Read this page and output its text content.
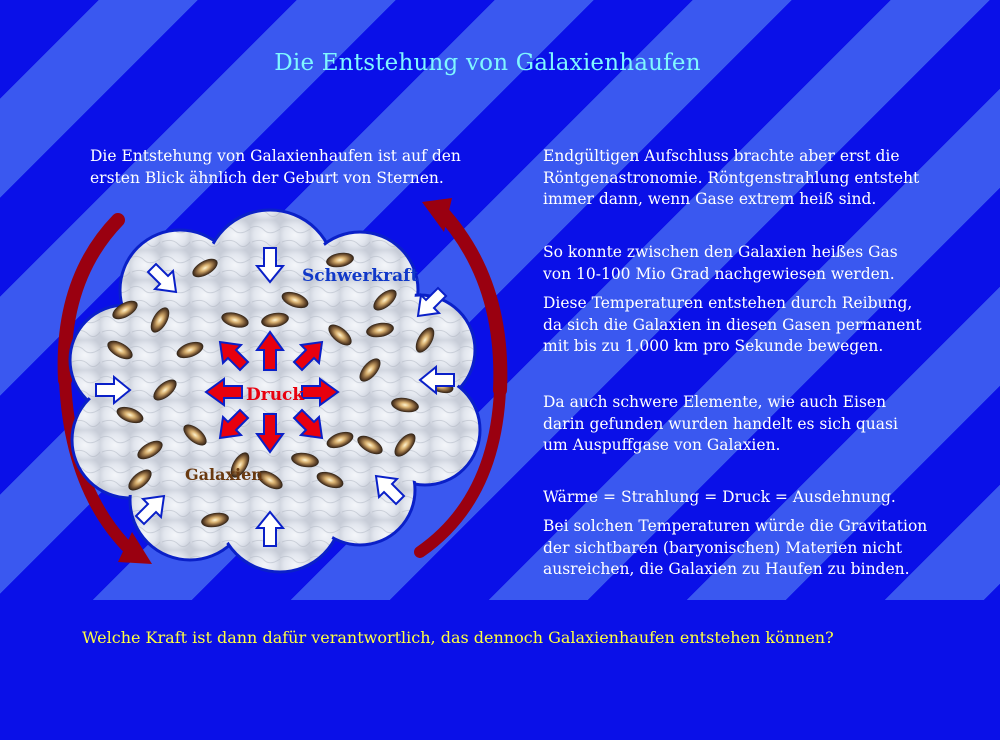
Die Entstehung von Galaxienhaufen
Die Entstehung von Galaxienhaufen ist auf den
ersten Blick ähnlich der Geburt von Sternen.
Endgültigen Aufschluss brachte aber erst die
Röntgenastronomie. Röntgenstrahlung entsteht
immer dann, wenn Gase extrem heiß sind.
So konnte zwischen den Galaxien heißes Gas
von 10-100 Mio Grad nachgewiesen werden.
Diese Temperaturen entstehen durch Reibung,
da sich die Galaxien in diesen Gasen permanent
mit bis zu 1.000 km pro Sekunde bewegen.
Da auch schwere Elemente, wie auch Eisen
darin gefunden wurden handelt es sich quasi
um Auspuffgase von Galaxien.
Wärme = Strahlung = Druck = Ausdehnung.
Bei solchen Temperaturen würde die Gravitation
der sichtbaren (baryonischen) Materien nicht
ausreichen, die Galaxien zu Haufen zu binden.
Schwerkraft
Druck
Galaxien
Welche Kraft ist dann dafür verantwortlich, das dennoch Galaxienhaufen entstehen können?
